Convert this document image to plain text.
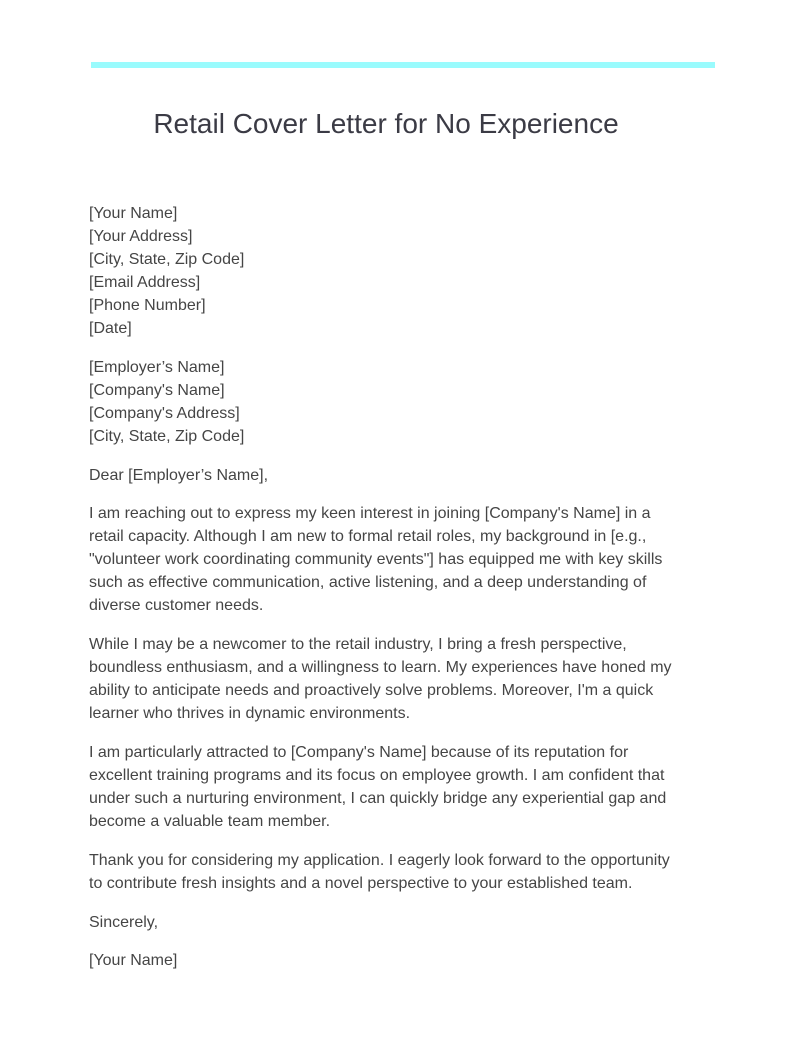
Retail Cover Letter for No Experience
[Your Name]
[Your Address]
[City, State, Zip Code]
[Email Address]
[Phone Number]
[Date]
[Employer’s Name]
[Company's Name]
[Company's Address]
[City, State, Zip Code]
Dear [Employer’s Name],
I am reaching out to express my keen interest in joining [Company's Name] in a
retail capacity. Although I am new to formal retail roles, my background in [e.g.,
"volunteer work coordinating community events"] has equipped me with key skills
such as effective communication, active listening, and a deep understanding of
diverse customer needs.
While I may be a newcomer to the retail industry, I bring a fresh perspective,
boundless enthusiasm, and a willingness to learn. My experiences have honed my
ability to anticipate needs and proactively solve problems. Moreover, I'm a quick
learner who thrives in dynamic environments.
I am particularly attracted to [Company's Name] because of its reputation for
excellent training programs and its focus on employee growth. I am confident that
under such a nurturing environment, I can quickly bridge any experiential gap and
become a valuable team member.
Thank you for considering my application. I eagerly look forward to the opportunity
to contribute fresh insights and a novel perspective to your established team.
Sincerely,
[Your Name]
